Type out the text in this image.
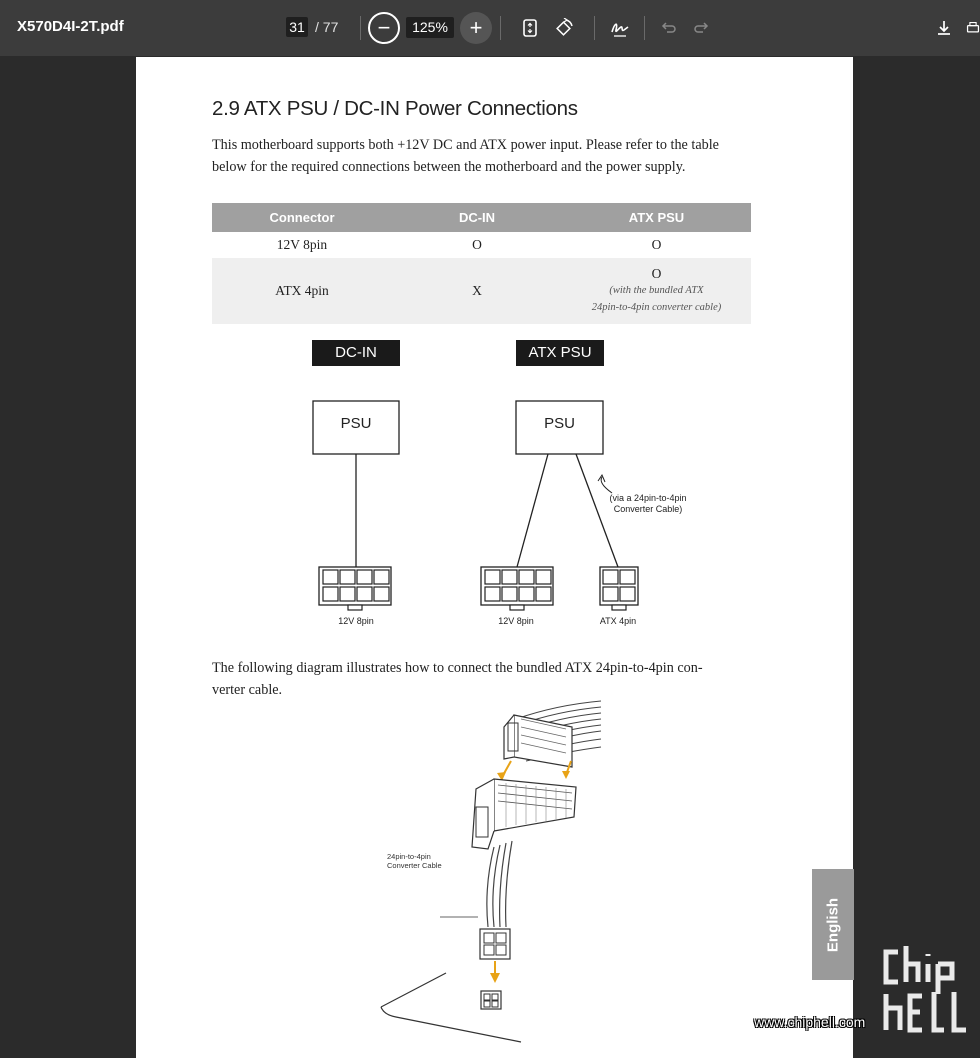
X570D4I-2T.pdf	31 / 77	−	125% +
2.9 ATX PSU / DC-IN Power Connections
This motherboard supports both +12V DC and ATX power input. Please refer to the table
below for the required connections between the motherboard and the power supply.
Connector	DC-IN	ATX PSU
12V 8pin	O	O
ATX 4pin	X	O
(with the bundled ATX
24pin-to-4pin converter cable)
DC-IN	ATX PSU
PSU	PSU
(via a 24pin-to-4pin
Converter Cable)
12V 8pin	12V 8pin	ATX 4pin
The following diagram illustrates how to connect the bundled ATX 24pin-to-4pin con-
verter cable.
24pin-to-4pin
Converter Cable
English
www.chiphell.com
